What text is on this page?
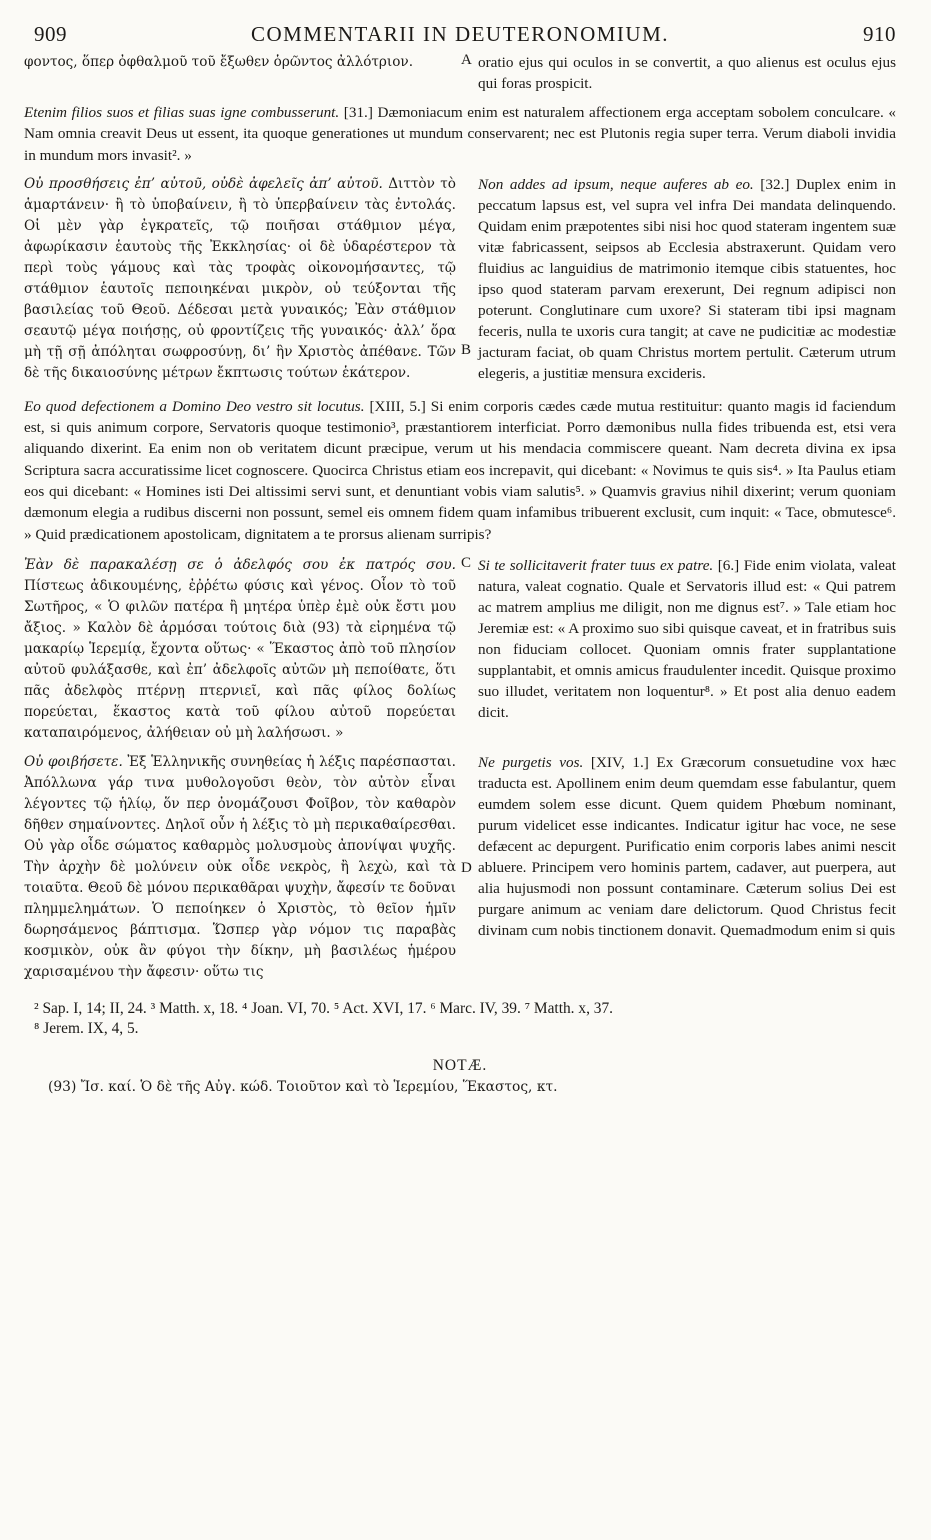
909	COMMENTARII IN DEUTERONOMIUM.	910
φοντος, ὅπερ ὀφθαλμοῦ τοῦ ἔξωθεν ὁρῶντος ἀλλότριον.	A oratio ejus qui oculos in se convertit, a quo alienus est oculus ejus qui foras prospicit.
Etenim filios suos et filias suas igne combusserunt. [31.] Dæmoniacum enim est naturalem affectionem erga acceptam sobolem conculcare. « Nam omnia creavit Deus ut essent, ita quoque generationes ut mundum conservarent; nec est Plutonis regia super terra. Verum diaboli invidia in mundum mors invasit². »
Οὐ προσθήσεις ἐπ’ αὐτοῦ, οὐδὲ ἀφελεῖς ἀπ’ αὐτοῦ. Διττὸν τὸ ἁμαρτάνειν· ἢ τὸ ὑποβαίνειν, ἢ τὸ ὑπερβαίνειν τὰς ἐντολάς. Οἱ μὲν γὰρ ἐγκρατεῖς, τῷ ποιῆσαι στάθμιον μέγα, ἀφωρίκασιν ἑαυτοὺς τῆς Ἐκκλησίας· οἱ δὲ ὑδαρέστερον τὰ περὶ τοὺς γάμους καὶ τὰς τροφὰς οἰκονομήσαντες, τῷ στάθμιον ἑαυτοῖς πεποιηκέναι μικρὸν, οὐ τεύξονται τῆς βασιλείας τοῦ Θεοῦ. Δέδεσαι μετὰ γυναικός; Ἐὰν στάθμιον σεαυτῷ μέγα ποιήσῃς, οὐ φροντίζεις τῆς γυναικός· ἀλλ’ ὅρα μὴ τῇ σῇ ἀπόληται σωφροσύνῃ, δι’ ἣν Χριστὸς ἀπέθανε. Τῶν δὲ τῆς δικαιοσύνης μέτρων ἔκπτωσις τούτων ἑκάτερον.
B
Non addes ad ipsum, neque auferes ab eo. [32.] Duplex enim in peccatum lapsus est, vel supra vel infra Dei mandata delinquendo. Quidam enim præpotentes sibi nisi hoc quod stateram ingentem suæ vitæ fabricassent, seipsos ab Ecclesia abstraxerunt. Quidam vero fluidius ac languidius de matrimonio itemque cibis statuentes, hoc ipso quod stateram parvam erexerunt, Dei regnum adipisci non poterunt. Conglutinare cum uxore? Si stateram tibi ipsi magnam feceris, nulla te uxoris cura tangit; at cave ne pudicitiæ ac modestiæ jacturam faciat, ob quam Christus mortem pertulit. Cæterum utrum elegeris, a justitiæ mensura excideris.
Eo quod defectionem a Domino Deo vestro sit locutus. [XIII, 5.] Si enim corporis cædes cæde mutua restituitur: quanto magis id faciendum est, si quis animum corpore, Servatoris quoque testimonio³, præstantiorem interficiat. Porro dæmonibus nulla fides tribuenda est, etsi vera aliquando dixerint. Ea enim non ob veritatem dicunt præcipue, verum ut his mendacia commiscere queant. Nam decreta divina ex ipsa Scriptura sacra accuratissime licet cognoscere. Quocirca Christus etiam eos increpavit, qui dicebant: « Novimus te quis sis⁴. » Ita Paulus etiam eos qui dicebant: « Homines isti Dei altissimi servi sunt, et denuntiant vobis viam salutis⁵. » Quamvis gravius nihil dixerint; verum quoniam dæmonum elegia a rudibus discerni non possunt, semel eis omnem fidem quam infamibus tribuerent exclusit, cum inquit: « Tace, obmutesce⁶. » Quid prædicationem apostolicam, dignitatem a te prorsus alienam surripis?
Ἐὰν δὲ παρακαλέσῃ σε ὁ ἀδελφός σου ἐκ πατρός σου. Πίστεως ἀδικουμένης, ἐῤῥέτω φύσις καὶ γένος. Οἷον τὸ τοῦ Σωτῆρος, « Ὁ φιλῶν πατέρα ἢ μητέρα ὑπὲρ ἐμὲ οὐκ ἔστι μου ἄξιος. » Καλὸν δὲ ἁρμόσαι τούτοις διὰ (93) τὰ εἰρημένα τῷ μακαρίῳ Ἱερεμίᾳ, ἔχοντα οὕτως· « Ἕκαστος ἀπὸ τοῦ πλησίον αὐτοῦ φυλάξασθε, καὶ ἐπ’ ἀδελφοῖς αὐτῶν μὴ πεποίθατε, ὅτι πᾶς ἀδελφὸς πτέρνῃ πτερνιεῖ, καὶ πᾶς φίλος δολίως πορεύεται, ἕκαστος κατὰ τοῦ φίλου αὐτοῦ πορεύεται καταπαιρόμενος, ἀλήθειαν οὐ μὴ λαλήσωσι. »
C Si te sollicitaverit frater tuus ex patre. [6.] Fide enim violata, valeat natura, valeat cognatio. Quale et Servatoris illud est: « Qui patrem ac matrem amplius me diligit, non me dignus est⁷. » Tale etiam hoc Jeremiæ est: « A proximo suo sibi quisque caveat, et in fratribus suis non fiduciam collocet. Quoniam omnis frater supplantatione supplantabit, et omnis amicus fraudulenter incedit. Quisque proximo suo illudet, veritatem non loquentur⁸. » Et post alia denuo eadem dicit.
Οὐ φοιβήσετε. Ἐξ Ἑλληνικῆς συνηθείας ἡ λέξις παρέσπασται. Ἀπόλλωνα γάρ τινα μυθολογοῦσι θεὸν, τὸν αὐτὸν εἶναι λέγοντες τῷ ἡλίῳ, ὅν περ ὀνομάζουσι Φοῖβον, τὸν καθαρὸν δῆθεν σημαίνοντες. Δηλοῖ οὖν ἡ λέξις τὸ μὴ περικαθαίρεσθαι. Οὐ γὰρ οἶδε σώματος καθαρμὸς μολυσμοὺς ἀπονίψαι ψυχῆς. Τὴν ἀρχὴν δὲ μολύνειν οὐκ οἶδε νεκρὸς, ἢ λεχὼ, καὶ τὰ τοιαῦτα. Θεοῦ δὲ μόνου περικαθᾶραι ψυχὴν, ἄφεσίν τε δοῦναι πλημμελημάτων. Ὁ πεποίηκεν ὁ Χριστὸς, τὸ θεῖον ἡμῖν δωρησάμενος βάπτισμα. Ὥσπερ γὰρ νόμον τις παραβὰς κοσμικὸν, οὐκ ἂν φύγοι τὴν δίκην, μὴ βασιλέως ἡμέρου χαρισαμένου τὴν ἄφεσιν· οὕτω τις
D
Ne purgetis vos. [XIV, 1.] Ex Græcorum consuetudine vox hæc traducta est. Apollinem enim deum quemdam esse fabulantur, quem eumdem solem esse dicunt. Quem quidem Phœbum nominant, purum videlicet esse indicantes. Indicatur igitur hac voce, ne sese defæcent ac depurgent. Purificatio enim corporis labes animi nescit abluere. Principem vero hominis partem, cadaver, aut puerpera, aut alia hujusmodi non possunt contaminare. Cæterum solius Dei est purgare animum ac veniam dare delictorum. Quod Christus fecit divinam cum nobis tinctionem donavit. Quemadmodum enim si quis
² Sap. I, 14; II, 24. ³ Matth. x, 18. ⁴ Joan. VI, 70. ⁵ Act. XVI, 17. ⁶ Marc. IV, 39. ⁷ Matth. x, 37.
⁸ Jerem. IX, 4, 5.
NOTÆ.
(93) Ἴσ. καί. Ὁ δὲ τῆς Αὐγ. κώδ. Τοιοῦτον καὶ τὸ Ἱερεμίου, Ἕκαστος, κτ.
